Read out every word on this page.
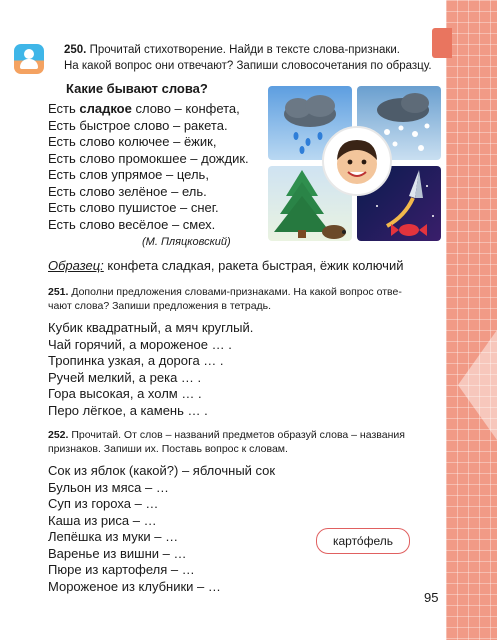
250. Прочитай стихотворение. Найди в тексте слова-признаки.
На какой вопрос они отвечают? Запиши словосочетания по образцу.
Какие бывают слова?
Есть сладкое слово – конфета,
Есть быстрое слово – ракета.
Есть слово колючее – ёжик,
Есть слово промокшее – дождик.
Есть слов упрямое – цель,
Есть слово зелёное – ель.
Есть слово пушистое – снег.
Есть слово весёлое – смех.
(М. Пляцковский)
Образец: конфета сладкая, ракета быстрая, ёжик колючий
251. Дополни предложения словами-признаками. На какой вопрос отве-
чают слова? Запиши предложения в тетрадь.
Кубик квадратный, а мяч круглый.
Чай горячий, а мороженое … .
Тропинка узкая, а дорога … .
Ручей мелкий, а река … .
Гора высокая, а холм … .
Перо лёгкое, а камень … .
252. Прочитай. От слов – названий предметов образуй слова – названия
признаков. Запиши их. Поставь вопрос к словам.
Сок из яблок (какой?) – яблочный сок
Бульон из мяса – …
Суп из гороха – …
Каша из риса – …
Лепёшка из муки – …
Варенье из вишни – …
Пюре из картофеля – …
Мороженое из клубники – …
карто́фель
95
